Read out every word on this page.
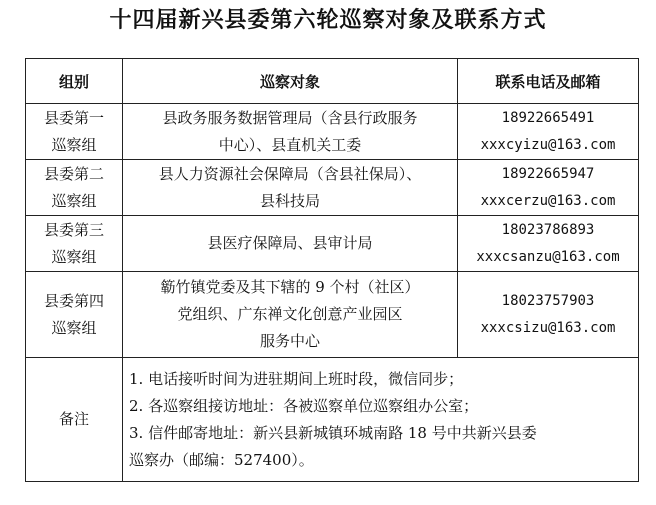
十四届新兴县委第六轮巡察对象及联系方式
组别	巡察对象	联系电话及邮箱

县委第一
巡察组	县政务服务数据管理局（含县行政服务
中心）、县直机关工委	18922665491
xxxcyizu@163.com

县委第二
巡察组	县人力资源社会保障局（含县社保局）、
县科技局	18922665947
xxxcerzu@163.com

县委第三
巡察组	县医疗保障局、县审计局	18023786893
xxxcsanzu@163.com

县委第四
巡察组	簕竹镇党委及其下辖的 9 个村（社区）
党组织、广东禅文化创意产业园区
服务中心	18023757903
xxxcsizu@163.com

备注	1. 电话接听时间为进驻期间上班时段，微信同步；
2. 各巡察组接访地址：各被巡察单位巡察组办公室；
3. 信件邮寄地址：新兴县新城镇环城南路 18 号中共新兴县委
巡察办（邮编：527400）。	
